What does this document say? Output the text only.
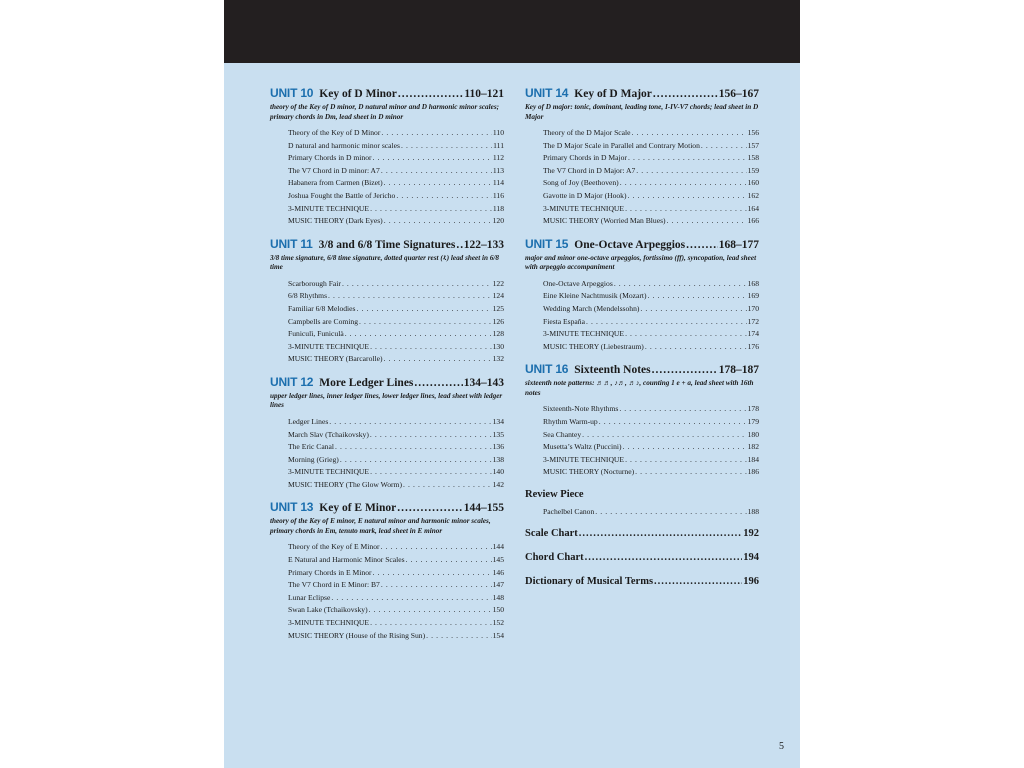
UNIT 10 Key of D Minor .....	110–121
theory of the Key of D minor, D natural minor and D harmonic minor scales; primary chords in Dm, lead sheet in D minor
Theory of the Key of D Minor . . .	110
D natural and harmonic minor scales . . .	111
Primary Chords in D minor . . .	112
The V7 Chord in D minor: A7 . . .	113
Habanera from Carmen (Bizet) . . .	114
Joshua Fought the Battle of Jericho . . .	116
3-MINUTE TECHNIQUE . . .	118
MUSIC THEORY (Dark Eyes) . . .	120
UNIT 11 3/8 and 6/8 Time Signatures ..... 122–133
3/8 time signature, 6/8 time signature, dotted quarter rest (𝄽.) lead sheet in 6/8 time
Scarborough Fair . . .	122
6/8 Rhythms . . .	124
Familiar 6/8 Melodies . . .	125
Campbells are Coming . . .	126
Funiculì, Funiculà . . .	128
3-MINUTE TECHNIQUE . . .	130
MUSIC THEORY (Barcarolle) . . .	132
UNIT 12 More Ledger Lines .....	134–143
upper ledger lines, inner ledger lines, lower ledger lines, lead sheet with ledger lines
Ledger Lines . . .	134
March Slav (Tchaikovsky) . . .	135
The Eric Canal . . .	136
Morning (Grieg) . . .	138
3-MINUTE TECHNIQUE . . .	140
MUSIC THEORY (The Glow Worm) . . .	142
UNIT 13 Key of E Minor .....	144–155
theory of the Key of E minor, E natural minor and harmonic minor scales, primary chords in Em, tenuto mark, lead sheet in E minor
Theory of the Key of E Minor . . .	144
E Natural and Harmonic Minor Scales . . .	145
Primary Chords in E Minor . . .	146
The V7 Chord in E Minor: B7 . . .	147
Lunar Eclipse . . .	148
Swan Lake (Tchaikovsky) . . .	150
3-MINUTE TECHNIQUE . . .	152
MUSIC THEORY (House of the Rising Sun) . . .	154
UNIT 14 Key of D Major .....	156–167
Key of D major: tonic, dominant, leading tone, I-IV-V7 chords; lead sheet in D Major
Theory of the D Major Scale . . .	156
The D Major Scale in Parallel and Contrary Motion . . .	157
Primary Chords in D Major . . .	158
The V7 Chord in D Major: A7 . . .	159
Song of Joy (Beethoven) . . .	160
Gavotte in D Major (Hook) . . .	162
3-MINUTE TECHNIQUE . . .	164
MUSIC THEORY (Worried Man Blues) . . .	166
UNIT 15 One-Octave Arpeggios .....	168–177
major and minor one-octave arpeggios, fortissimo (ff), syncopation, lead sheet with arpeggio accompaniment
One-Octave Arpeggios . . .	168
Eine Kleine Nachtmusik (Mozart) . . .	169
Wedding March (Mendelssohn) . . .	170
Fiesta España . . .	172
3-MINUTE TECHNIQUE . . .	174
MUSIC THEORY (Liebestraum) . . .	176
UNIT 16 Sixteenth Notes .....	178–187
sixteenth note patterns: ♬♬, ♪♬, ♬♪, counting 1 e + a, lead sheet with 16th notes
Sixteenth-Note Rhythms . . .	178
Rhythm Warm-up . . .	179
Sea Chantey . . .	180
Musetta’s Waltz (Puccini) . . .	182
3-MINUTE TECHNIQUE . . .	184
MUSIC THEORY (Nocturne) . . .	186
Review Piece
Pachelbel Canon . . .	188
Scale Chart .....	192
Chord Chart .....	194
Dictionary of Musical Terms .....	196
5
